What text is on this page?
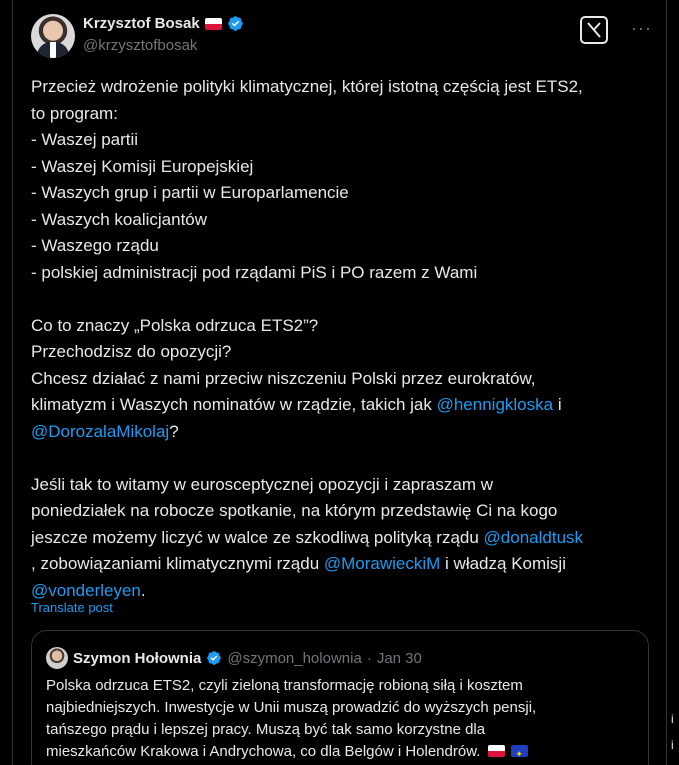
Krzysztof Bosak
@krzysztofbosak
···

Przecież wdrożenie polityki klimatycznej, której istotną częścią jest ETS2,

to program:

- Waszej partii

- Waszej Komisji Europejskiej

- Waszych grup i partii w Europarlamencie

- Waszych koalicjantów

- Waszego rządu

- polskiej administracji pod rządami PiS i PO razem z Wami

Co to znaczy „Polska odrzuca ETS2”?

Przechodzisz do opozycji?

Chcesz działać z nami przeciw niszczeniu Polski przez eurokratów,

klimatyzm i Waszych nominatów w rządzie, takich jak @hennigkloska i

@DorozalaMikolaj?

Jeśli tak to witamy w eurosceptycznej opozycji i zapraszam w

poniedziałek na robocze spotkanie, na którym przedstawię Ci na kogo

jeszcze możemy liczyć w walce ze szkodliwą polityką rządu @donaldtusk

, zobowiązaniami klimatycznymi rządu @MorawieckiM i władzą Komisji

@vonderleyen.

Translate post
Szymon Hołownia @szymon_holownia · Jan 30

Polska odrzuca ETS2, czyli zieloną transformację robioną siłą i kosztem

najbiedniejszych. Inwestycje w Unii muszą prowadzić do wyższych pensji,

tańszego prądu i lepszej pracy. Muszą być tak samo korzystne dla

mieszkańców Krakowa i Andrychowa, co dla Belgów i Holendrów.✦

i
i
